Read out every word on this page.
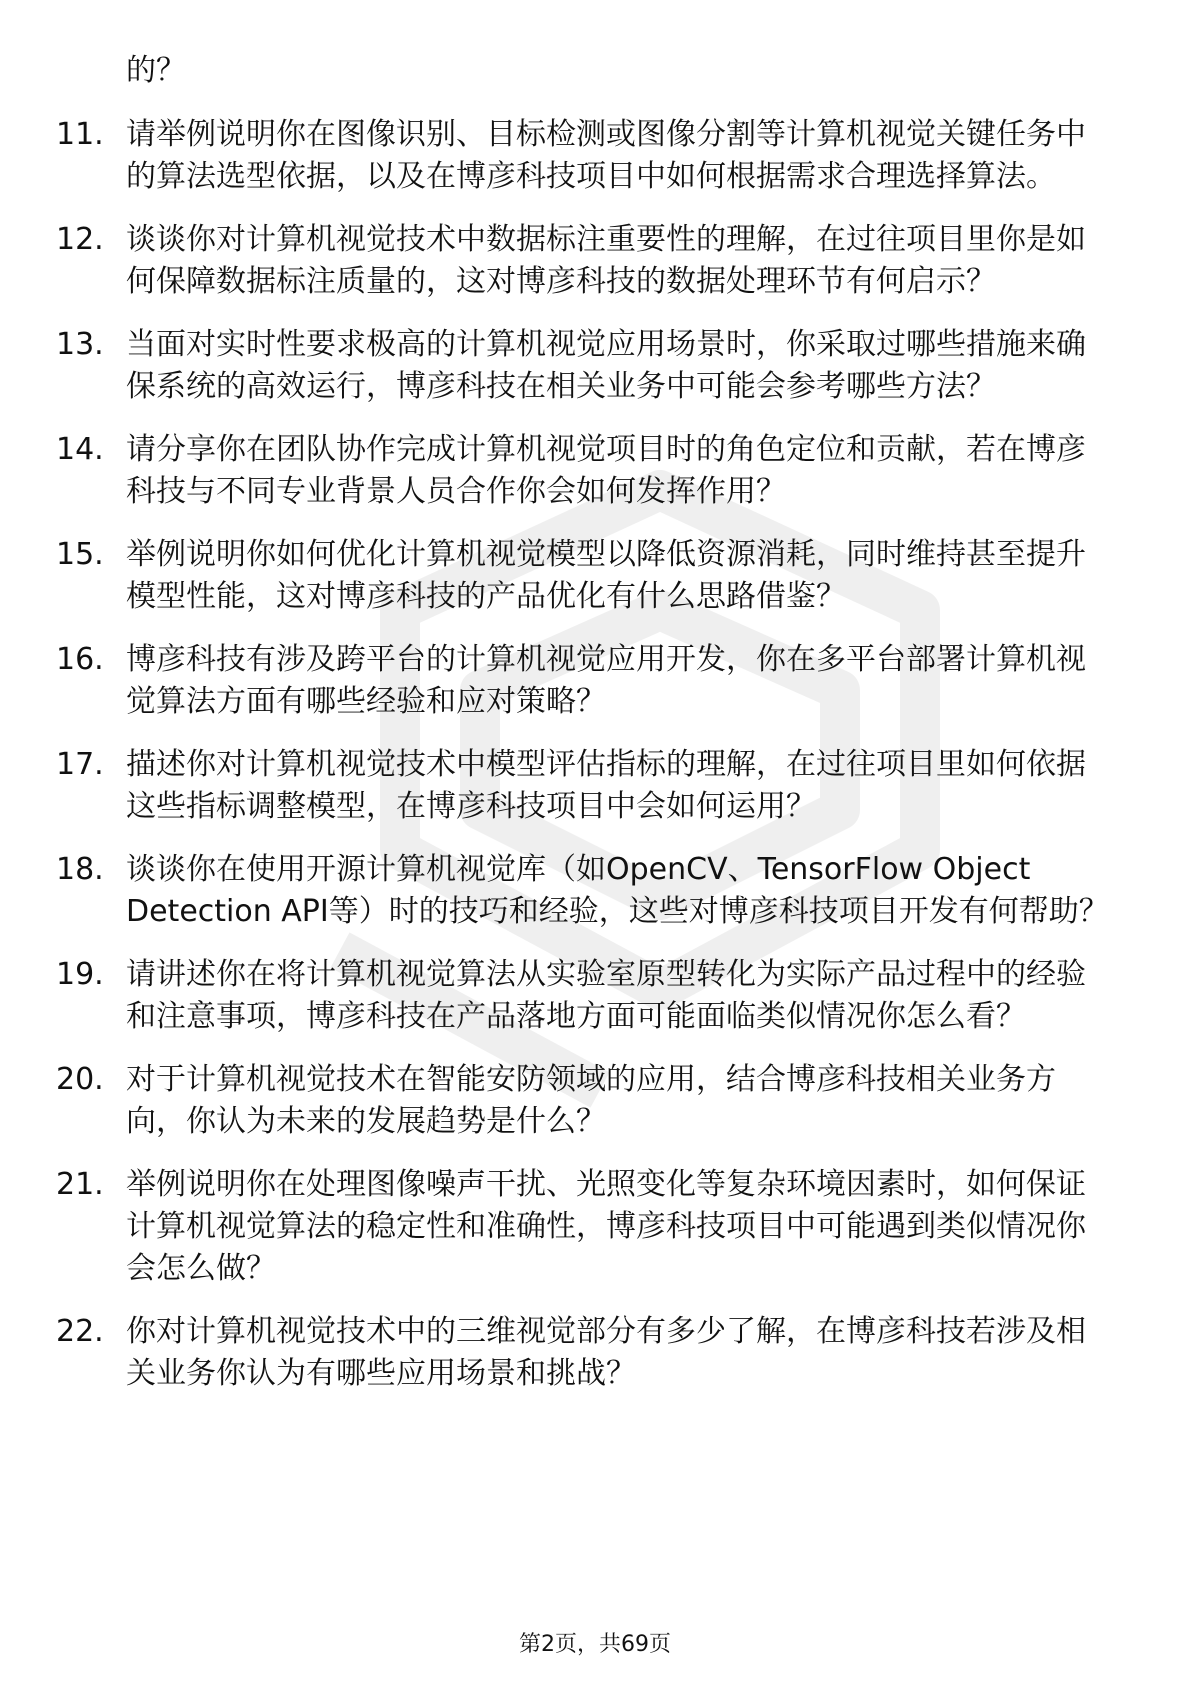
的？

11. 请举例说明你在图像识别、目标检测或图像分割等计算机视觉关键任务中的算法选型依据，以及在博彦科技项目中如何根据需求合理选择算法。
12. 谈谈你对计算机视觉技术中数据标注重要性的理解，在过往项目里你是如何保障数据标注质量的，这对博彦科技的数据处理环节有何启示？
13. 当面对实时性要求极高的计算机视觉应用场景时，你采取过哪些措施来确保系统的高效运行，博彦科技在相关业务中可能会参考哪些方法？
14. 请分享你在团队协作完成计算机视觉项目时的角色定位和贡献，若在博彦科技与不同专业背景人员合作你会如何发挥作用？
15. 举例说明你如何优化计算机视觉模型以降低资源消耗，同时维持甚至提升模型性能，这对博彦科技的产品优化有什么思路借鉴？
16. 博彦科技有涉及跨平台的计算机视觉应用开发，你在多平台部署计算机视觉算法方面有哪些经验和应对策略？
17. 描述你对计算机视觉技术中模型评估指标的理解，在过往项目里如何依据这些指标调整模型，在博彦科技项目中会如何运用？
18. 谈谈你在使用开源计算机视觉库（如OpenCV、TensorFlow Object Detection API等）时的技巧和经验，这些对博彦科技项目开发有何帮助？
19. 请讲述你在将计算机视觉算法从实验室原型转化为实际产品过程中的经验和注意事项，博彦科技在产品落地方面可能面临类似情况你怎么看？
20. 对于计算机视觉技术在智能安防领域的应用，结合博彦科技相关业务方向，你认为未来的发展趋势是什么？
21. 举例说明你在处理图像噪声干扰、光照变化等复杂环境因素时，如何保证计算机视觉算法的稳定性和准确性，博彦科技项目中可能遇到类似情况你会怎么做？
22. 你对计算机视觉技术中的三维视觉部分有多少了解，在博彦科技若涉及相关业务你认为有哪些应用场景和挑战？
第2页，共69页
